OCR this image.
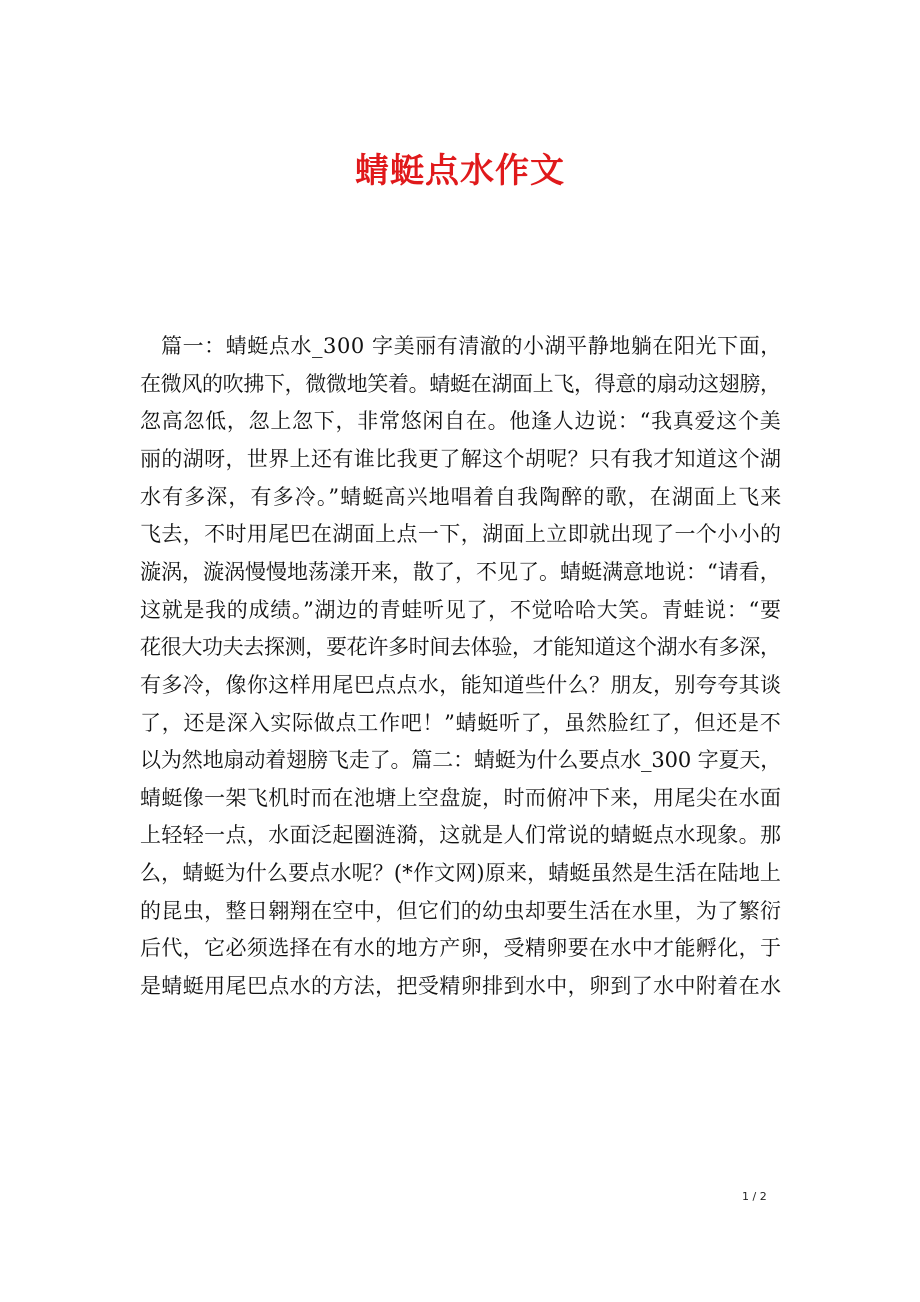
蜻蜓点水作文
篇一：蜻蜓点水_300 字美丽有清澈的小湖平静地躺在阳光下面，
在微风的吹拂下，微微地笑着。蜻蜓在湖面上飞，得意的扇动这翅膀，
忽高忽低，忽上忽下，非常悠闲自在。他逢人边说：“我真爱这个美
丽的湖呀，世界上还有谁比我更了解这个胡呢？只有我才知道这个湖
水有多深，有多冷。”蜻蜓高兴地唱着自我陶醉的歌，在湖面上飞来
飞去，不时用尾巴在湖面上点一下，湖面上立即就出现了一个小小的
漩涡，漩涡慢慢地荡漾开来，散了，不见了。蜻蜓满意地说：“请看，
这就是我的成绩。”湖边的青蛙听见了，不觉哈哈大笑。青蛙说：“要
花很大功夫去探测，要花许多时间去体验，才能知道这个湖水有多深，
有多冷，像你这样用尾巴点点水，能知道些什么？朋友，别夸夸其谈
了，还是深入实际做点工作吧！”蜻蜓听了，虽然脸红了，但还是不
以为然地扇动着翅膀飞走了。篇二：蜻蜓为什么要点水_300 字夏天，
蜻蜓像一架飞机时而在池塘上空盘旋，时而俯冲下来，用尾尖在水面
上轻轻一点，水面泛起圈涟漪，这就是人们常说的蜻蜓点水现象。那
么，蜻蜓为什么要点水呢？(*作文网)原来，蜻蜓虽然是生活在陆地上
的昆虫，整日翱翔在空中，但它们的幼虫却要生活在水里，为了繁衍
后代，它必须选择在有水的地方产卵，受精卵要在水中才能孵化，于
是蜻蜓用尾巴点水的方法，把受精卵排到水中，卵到了水中附着在水
1 / 2
